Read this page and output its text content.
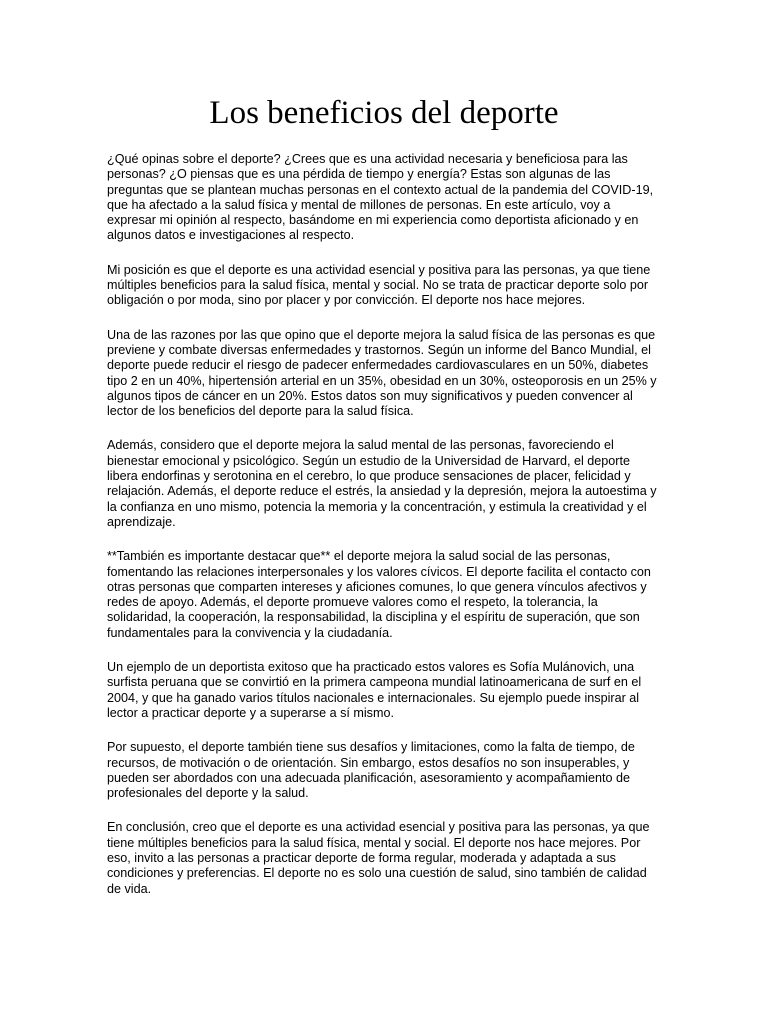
Los beneficios del deporte

¿Qué opinas sobre el deporte? ¿Crees que es una actividad necesaria y beneficiosa para las personas? ¿O piensas que es una pérdida de tiempo y energía? Estas son algunas de las preguntas que se plantean muchas personas en el contexto actual de la pandemia del COVID-19, que ha afectado a la salud física y mental de millones de personas. En este artículo, voy a expresar mi opinión al respecto, basándome en mi experiencia como deportista aficionado y en algunos datos e investigaciones al respecto.

Mi posición es que el deporte es una actividad esencial y positiva para las personas, ya que tiene múltiples beneficios para la salud física, mental y social. No se trata de practicar deporte solo por obligación o por moda, sino por placer y por convicción. El deporte nos hace mejores.

Una de las razones por las que opino que el deporte mejora la salud física de las personas es que previene y combate diversas enfermedades y trastornos. Según un informe del Banco Mundial, el deporte puede reducir el riesgo de padecer enfermedades cardiovasculares en un 50%, diabetes tipo 2 en un 40%, hipertensión arterial en un 35%, obesidad en un 30%, osteoporosis en un 25% y algunos tipos de cáncer en un 20%. Estos datos son muy significativos y pueden convencer al lector de los beneficios del deporte para la salud física.

Además, considero que el deporte mejora la salud mental de las personas, favoreciendo el bienestar emocional y psicológico. Según un estudio de la Universidad de Harvard, el deporte libera endorfinas y serotonina en el cerebro, lo que produce sensaciones de placer, felicidad y relajación. Además, el deporte reduce el estrés, la ansiedad y la depresión, mejora la autoestima y la confianza en uno mismo, potencia la memoria y la concentración, y estimula la creatividad y el aprendizaje.

**También es importante destacar que** el deporte mejora la salud social de las personas, fomentando las relaciones interpersonales y los valores cívicos. El deporte facilita el contacto con otras personas que comparten intereses y aficiones comunes, lo que genera vínculos afectivos y redes de apoyo. Además, el deporte promueve valores como el respeto, la tolerancia, la solidaridad, la cooperación, la responsabilidad, la disciplina y el espíritu de superación, que son fundamentales para la convivencia y la ciudadanía.

Un ejemplo de un deportista exitoso que ha practicado estos valores es Sofía Mulánovich, una surfista peruana que se convirtió en la primera campeona mundial latinoamericana de surf en el 2004, y que ha ganado varios títulos nacionales e internacionales. Su ejemplo puede inspirar al lector a practicar deporte y a superarse a sí mismo.

Por supuesto, el deporte también tiene sus desafíos y limitaciones, como la falta de tiempo, de recursos, de motivación o de orientación. Sin embargo, estos desafíos no son insuperables, y pueden ser abordados con una adecuada planificación, asesoramiento y acompañamiento de profesionales del deporte y la salud.

En conclusión, creo que el deporte es una actividad esencial y positiva para las personas, ya que tiene múltiples beneficios para la salud física, mental y social. El deporte nos hace mejores. Por eso, invito a las personas a practicar deporte de forma regular, moderada y adaptada a sus condiciones y preferencias. El deporte no es solo una cuestión de salud, sino también de calidad de vida.
